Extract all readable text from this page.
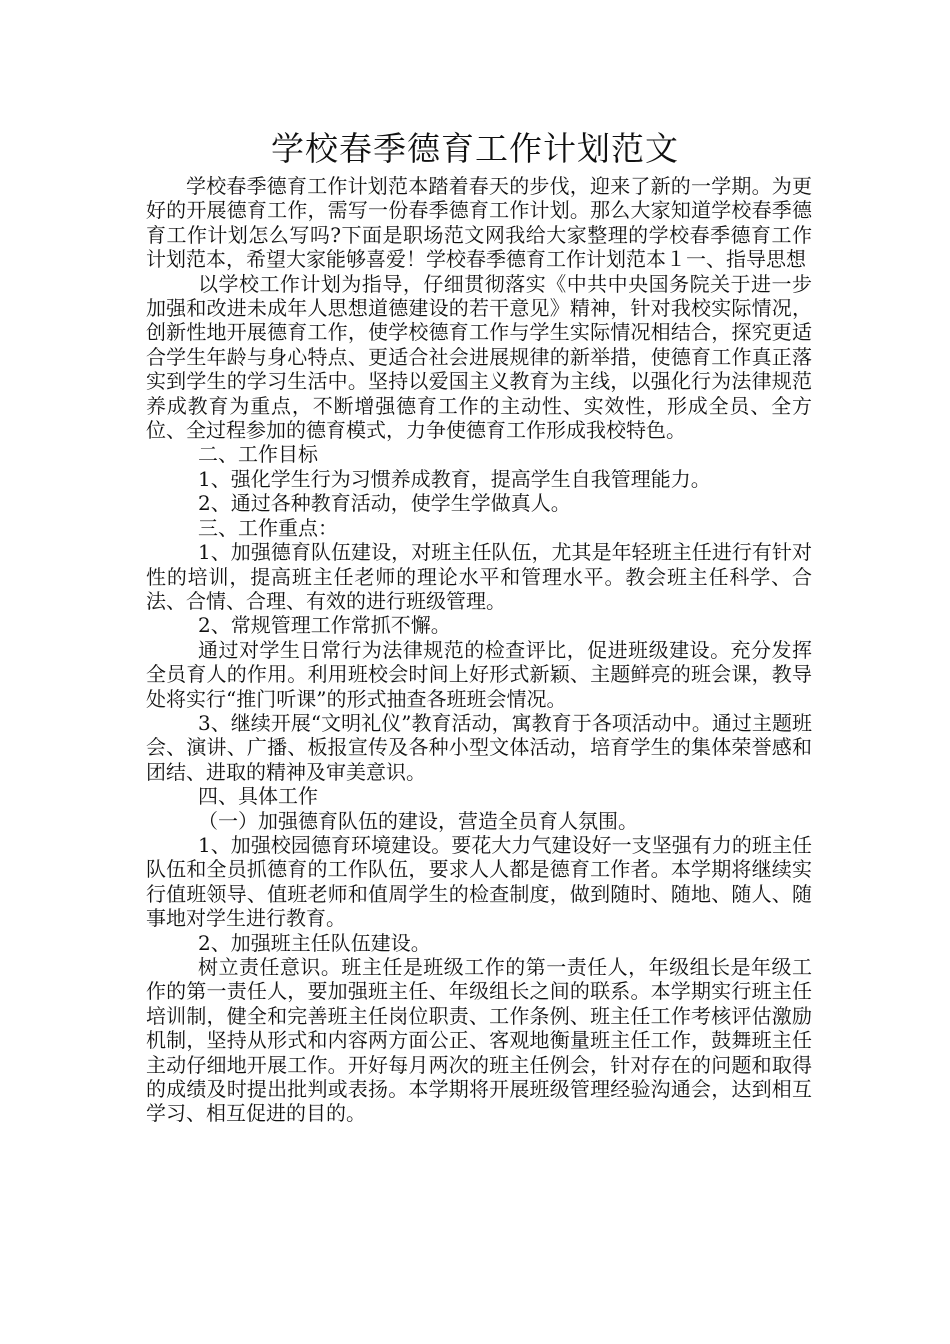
学校春季德育工作计划范文

学校春季德育工作计划范本踏着春天的步伐，迎来了新的一学期。为更好的开展德育工作，需写一份春季德育工作计划。那么大家知道学校春季德育工作计划怎么写吗?下面是职场范文网我给大家整理的学校春季德育工作计划范本，希望大家能够喜爱！学校春季德育工作计划范本１一、指导思想

以学校工作计划为指导，仔细贯彻落实《中共中央国务院关于进一步加强和改进未成年人思想道德建设的若干意见》精神，针对我校实际情况，创新性地开展德育工作，使学校德育工作与学生实际情况相结合，探究更适合学生年龄与身心特点、更适合社会进展规律的新举措，使德育工作真正落实到学生的学习生活中。坚持以爱国主义教育为主线，以强化行为法律规范养成教育为重点，不断增强德育工作的主动性、实效性，形成全员、全方位、全过程参加的德育模式，力争使德育工作形成我校特色。

二、工作目标

1、强化学生行为习惯养成教育，提高学生自我管理能力。

2、通过各种教育活动，使学生学做真人。

三、工作重点：

1、加强德育队伍建设，对班主任队伍，尤其是年轻班主任进行有针对性的培训，提高班主任老师的理论水平和管理水平。教会班主任科学、合法、合情、合理、有效的进行班级管理。

2、常规管理工作常抓不懈。

通过对学生日常行为法律规范的检查评比，促进班级建设。充分发挥全员育人的作用。利用班校会时间上好形式新颖、主题鲜亮的班会课，教导处将实行“推门听课”的形式抽查各班班会情况。

3、继续开展“文明礼仪”教育活动，寓教育于各项活动中。通过主题班会、演讲、广播、板报宣传及各种小型文体活动，培育学生的集体荣誉感和团结、进取的精神及审美意识。

四、具体工作

（一）加强德育队伍的建设，营造全员育人氛围。

1、加强校园德育环境建设。要花大力气建设好一支坚强有力的班主任队伍和全员抓德育的工作队伍，要求人人都是德育工作者。本学期将继续实行值班领导、值班老师和值周学生的检查制度，做到随时、随地、随人、随事地对学生进行教育。

2、加强班主任队伍建设。

树立责任意识。班主任是班级工作的第一责任人，年级组长是年级工作的第一责任人，要加强班主任、年级组长之间的联系。本学期实行班主任培训制，健全和完善班主任岗位职责、工作条例、班主任工作考核评估激励机制，坚持从形式和内容两方面公正、客观地衡量班主任工作，鼓舞班主任主动仔细地开展工作。开好每月两次的班主任例会，针对存在的问题和取得的成绩及时提出批判或表扬。本学期将开展班级管理经验沟通会，达到相互学习、相互促进的目的。
